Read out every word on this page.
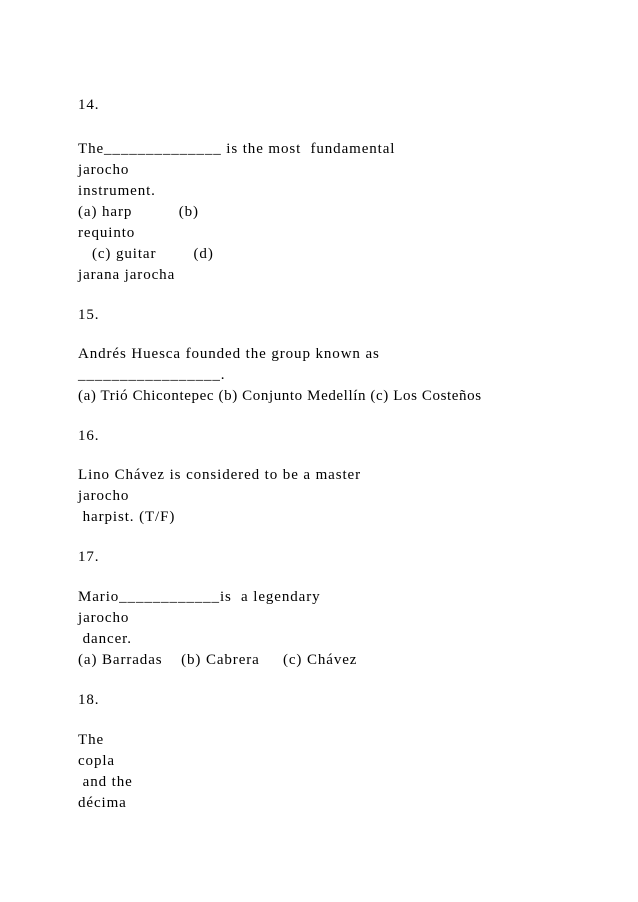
14.

The______________ is the most  fundamental

jarocho

instrument.

(a) harp          (b)

requinto

(c) guitar        (d)

jarana jarocha

15.

Andrés Huesca founded the group known as

_________________.

(a) Trió Chicontepec (b) Conjunto Medellín (c) Los Costeños

16.

Lino Chávez is considered to be a master

jarocho

harpist. (T/F)

17.

Mario____________is  a legendary

jarocho

dancer.

(a) Barradas    (b) Cabrera     (c) Chávez

18.

The

copla

and the

décima
